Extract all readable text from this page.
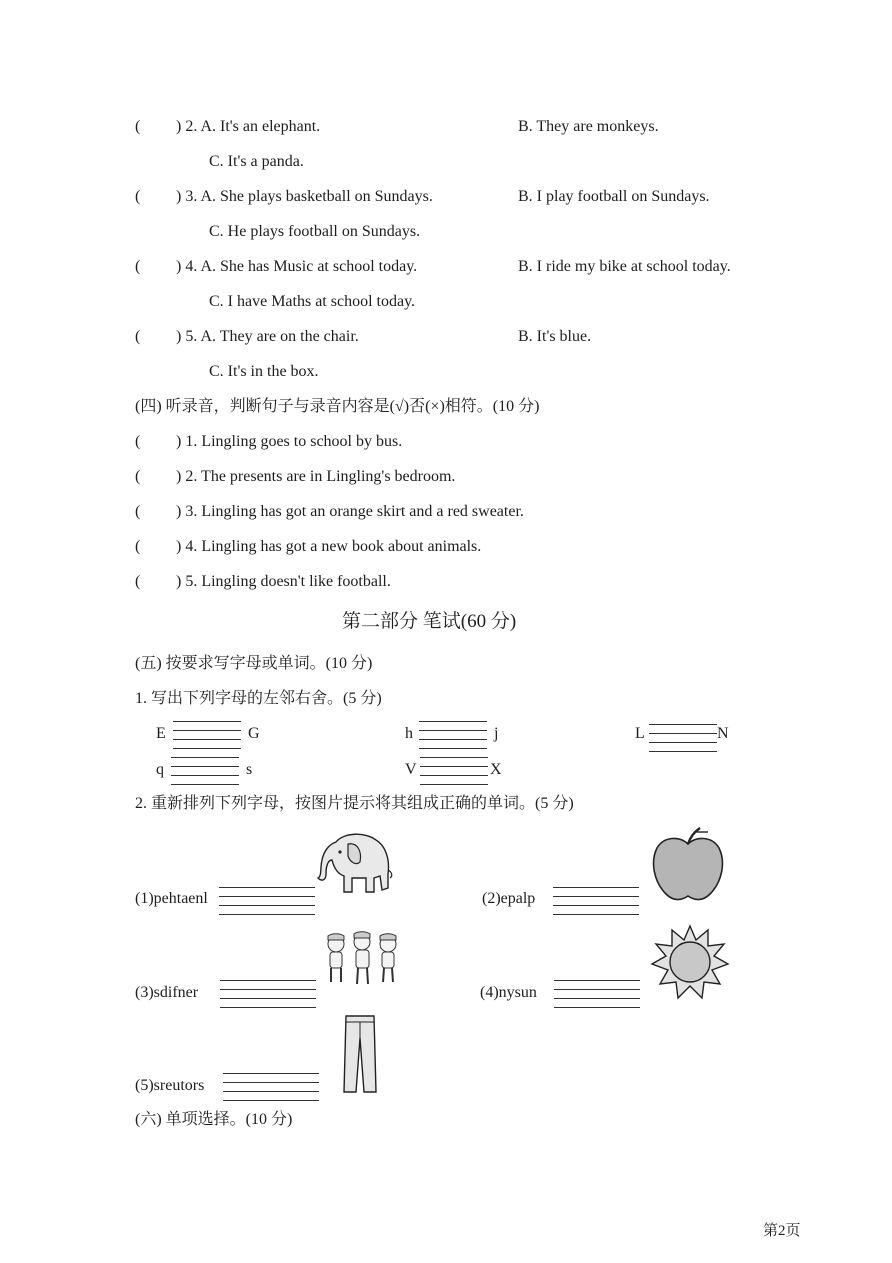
( ) 2. A. It's an elephant.	B. They are monkeys.
C. It's a panda.
( ) 3. A. She plays basketball on Sundays.	B. I play football on Sundays.
C. He plays football on Sundays.
( ) 4. A. She has Music at school today.	B. I ride my bike at school today.
C. I have Maths at school today.
( ) 5. A. They are on the chair.	B. It's blue.
C. It's in the box.
(四) 听录音，判断句子与录音内容是(√)否(×)相符。(10 分)
( ) 1. Lingling goes to school by bus.
( ) 2. The presents are in Lingling's bedroom.
( ) 3. Lingling has got an orange skirt and a red sweater.
( ) 4. Lingling has got a new book about animals.
( ) 5. Lingling doesn't like football.
第二部分 笔试(60 分)
(五) 按要求写字母或单词。(10 分)
1. 写出下列字母的左邻右舍。(5 分)
E	G	h	j	L	N
q	s	V	X
2. 重新排列下列字母，按图片提示将其组成正确的单词。(5 分)
(1)pehtaenl	(2)epalp
(3)sdifner	(4)nysun
(5)sreutors
(六) 单项选择。(10 分)
第2页
